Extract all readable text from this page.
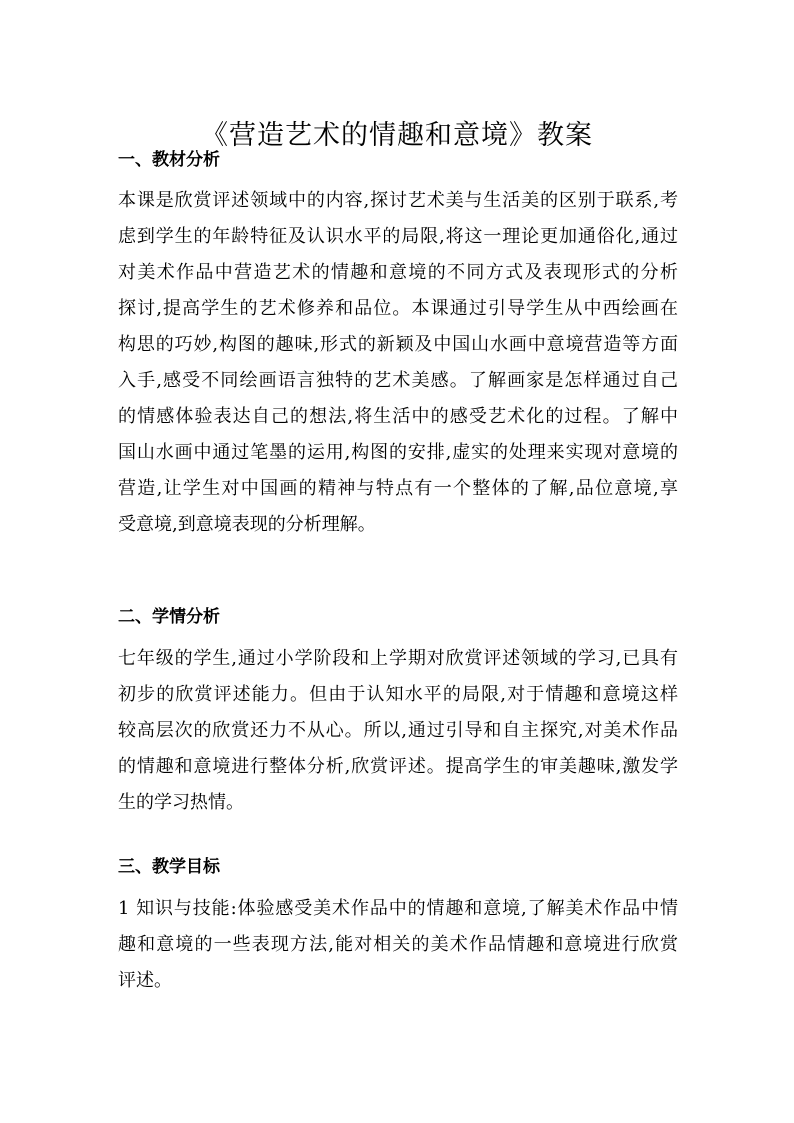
《营造艺术的情趣和意境》教案
一、教材分析
本课是欣赏评述领域中的内容,探讨艺术美与生活美的区别于联系,考
虑到学生的年龄特征及认识水平的局限,将这一理论更加通俗化,通过
对美术作品中营造艺术的情趣和意境的不同方式及表现形式的分析
探讨,提高学生的艺术修养和品位。本课通过引导学生从中西绘画在
构思的巧妙,构图的趣味,形式的新颖及中国山水画中意境营造等方面
入手,感受不同绘画语言独特的艺术美感。了解画家是怎样通过自己
的情感体验表达自己的想法,将生活中的感受艺术化的过程。了解中
国山水画中通过笔墨的运用,构图的安排,虚实的处理来实现对意境的
营造,让学生对中国画的精神与特点有一个整体的了解,品位意境,享
受意境,到意境表现的分析理解。
二、学情分析
七年级的学生,通过小学阶段和上学期对欣赏评述领域的学习,已具有
初步的欣赏评述能力。但由于认知水平的局限,对于情趣和意境这样
较高层次的欣赏还力不从心。所以,通过引导和自主探究,对美术作品
的情趣和意境进行整体分析,欣赏评述。提高学生的审美趣味,激发学
生的学习热情。
三、教学目标
1 知识与技能:体验感受美术作品中的情趣和意境,了解美术作品中情
趣和意境的一些表现方法,能对相关的美术作品情趣和意境进行欣赏
评述。
